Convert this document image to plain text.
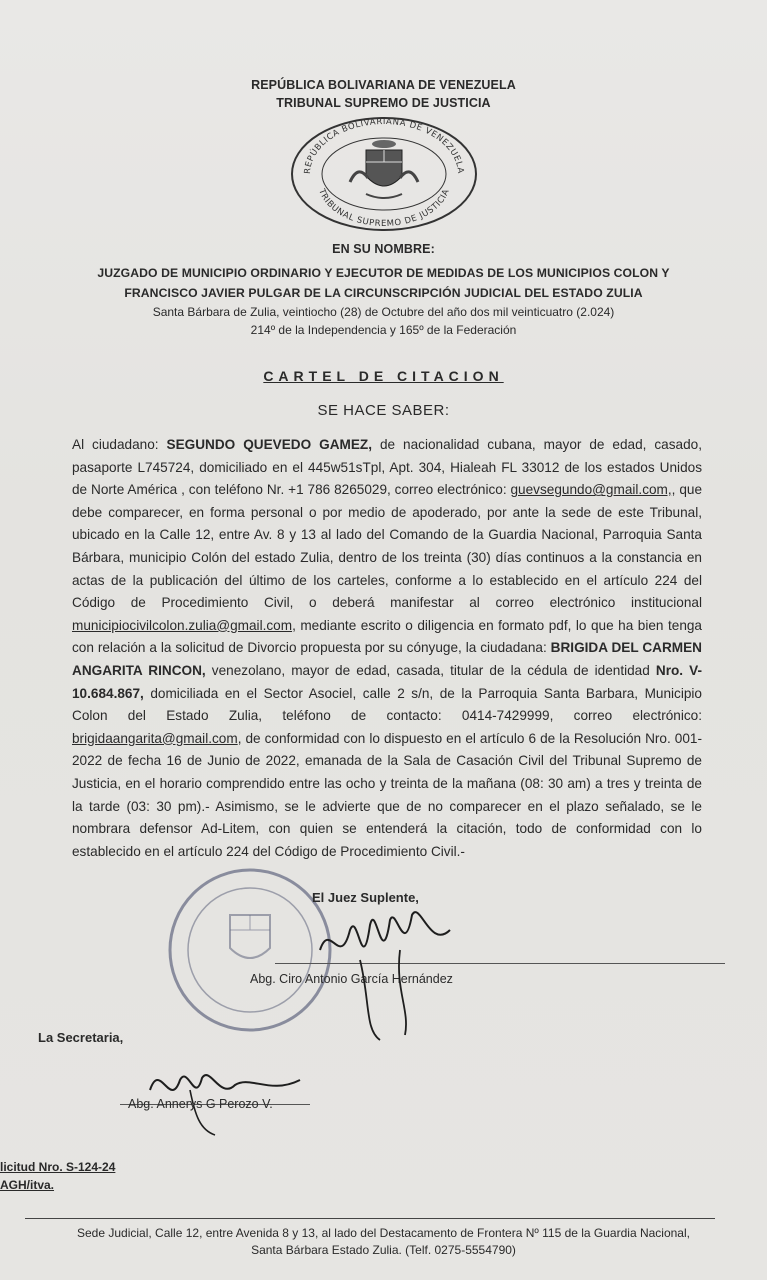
REPÚBLICA BOLIVARIANA DE VENEZUELA
TRIBUNAL SUPREMO DE JUSTICIA
REPÚBLICA BOLIVARIANA DE VENEZUELA
TRIBUNAL SUPREMO DE JUSTICIA
EN SU NOMBRE:
JUZGADO DE MUNICIPIO ORDINARIO Y EJECUTOR DE MEDIDAS DE LOS MUNICIPIOS COLON Y
FRANCISCO JAVIER PULGAR DE LA CIRCUNSCRIPCIÓN JUDICIAL DEL ESTADO ZULIA
Santa Bárbara de Zulia, veintiocho (28) de Octubre del año dos mil veinticuatro (2.024)
214º de la Independencia y 165º de la Federación
CARTEL DE CITACION
SE HACE SABER:
Al ciudadano: SEGUNDO QUEVEDO GAMEZ, de nacionalidad cubana, mayor de edad, casado, pasaporte L745724, domiciliado en el 445w51sTpl, Apt. 304, Hialeah FL 33012 de los estados Unidos de Norte América , con teléfono Nr. +1 786 8265029, correo electrónico: guevsegundo@gmail.com,, que debe comparecer, en forma personal o por medio de apoderado, por ante la sede de este Tribunal, ubicado en la Calle 12, entre Av. 8 y 13 al lado del Comando de la Guardia Nacional, Parroquia Santa Bárbara, municipio Colón del estado Zulia, dentro de los treinta (30) días continuos a la constancia en actas de la publicación del último de los carteles, conforme a lo establecido en el artículo 224 del Código de Procedimiento Civil, o deberá manifestar al correo electrónico institucional municipiocivilcolon.zulia@gmail.com, mediante escrito o diligencia en formato pdf, lo que ha bien tenga con relación a la solicitud de Divorcio propuesta por su cónyuge, la ciudadana: BRIGIDA DEL CARMEN ANGARITA RINCON, venezolano, mayor de edad, casada, titular de la cédula de identidad Nro. V- 10.684.867, domiciliada en el Sector Asociel, calle 2 s/n, de la Parroquia Santa Barbara, Municipio Colon del Estado Zulia, teléfono de contacto: 0414-7429999, correo electrónico: brigidaangarita@gmail.com, de conformidad con lo dispuesto en el artículo 6 de la Resolución Nro. 001-2022 de fecha 16 de Junio de 2022, emanada de la Sala de Casación Civil del Tribunal Supremo de Justicia, en el horario comprendido entre las ocho y treinta de la mañana (08: 30 am) a tres y treinta de la tarde (03: 30 pm).- Asimismo, se le advierte que de no comparecer en el plazo señalado, se le nombrara defensor Ad-Litem, con quien se entenderá la citación, todo de conformidad con lo establecido en el artículo 224 del Código de Procedimiento Civil.-
El Juez Suplente,
Abg. Ciro Antonio García Hernández
La Secretaria,
Abg. Annerys G Perozo V.
licitud Nro. S-124-24
AGH/itva.
Sede Judicial, Calle 12, entre Avenida 8 y 13, al lado del Destacamento de Frontera Nº 115 de la Guardia Nacional,
Santa Bárbara Estado Zulia. (Telf. 0275-5554790)
